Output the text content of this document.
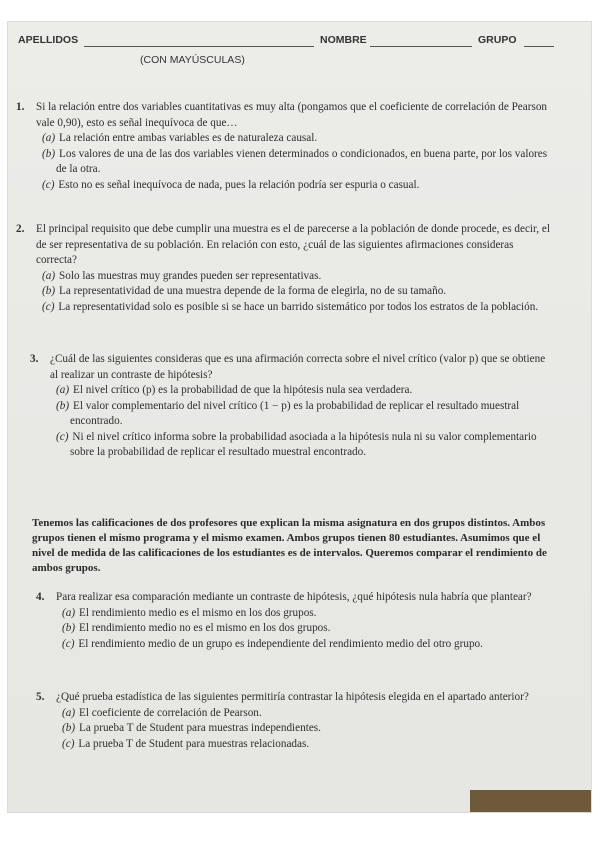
APELLIDOS	NOMBRE	GRUPO
(CON MAYÚSCULAS)
1. Si la relación entre dos variables cuantitativas es muy alta (pongamos que el coeficiente de correlación de Pearson vale 0,90), esto es señal inequívoca de que…
(a) La relación entre ambas variables es de naturaleza causal.
(b) Los valores de una de las dos variables vienen determinados o condicionados, en buena parte, por los valores de la otra.
(c) Esto no es señal inequívoca de nada, pues la relación podría ser espuria o casual.
2. El principal requisito que debe cumplir una muestra es el de parecerse a la población de donde procede, es decir, el de ser representativa de su población. En relación con esto, ¿cuál de las siguientes afirmaciones consideras correcta?
(a) Solo las muestras muy grandes pueden ser representativas.
(b) La representatividad de una muestra depende de la forma de elegirla, no de su tamaño.
(c) La representatividad solo es posible si se hace un barrido sistemático por todos los estratos de la población.
3. ¿Cuál de las siguientes consideras que es una afirmación correcta sobre el nivel crítico (valor p) que se obtiene al realizar un contraste de hipótesis?
(a) El nivel crítico (p) es la probabilidad de que la hipótesis nula sea verdadera.
(b) El valor complementario del nivel crítico (1 − p) es la probabilidad de replicar el resultado muestral encontrado.
(c) Ni el nivel crítico informa sobre la probabilidad asociada a la hipótesis nula ni su valor complementario sobre la probabilidad de replicar el resultado muestral encontrado.
Tenemos las calificaciones de dos profesores que explican la misma asignatura en dos grupos distintos. Ambos grupos tienen el mismo programa y el mismo examen. Ambos grupos tienen 80 estudiantes. Asumimos que el nivel de medida de las calificaciones de los estudiantes es de intervalos. Queremos comparar el rendimiento de ambos grupos.
4. Para realizar esa comparación mediante un contraste de hipótesis, ¿qué hipótesis nula habría que plantear?
(a) El rendimiento medio es el mismo en los dos grupos.
(b) El rendimiento medio no es el mismo en los dos grupos.
(c) El rendimiento medio de un grupo es independiente del rendimiento medio del otro grupo.
5. ¿Qué prueba estadística de las siguientes permitiría contrastar la hipótesis elegida en el apartado anterior?
(a) El coeficiente de correlación de Pearson.
(b) La prueba T de Student para muestras independientes.
(c) La prueba T de Student para muestras relacionadas.
